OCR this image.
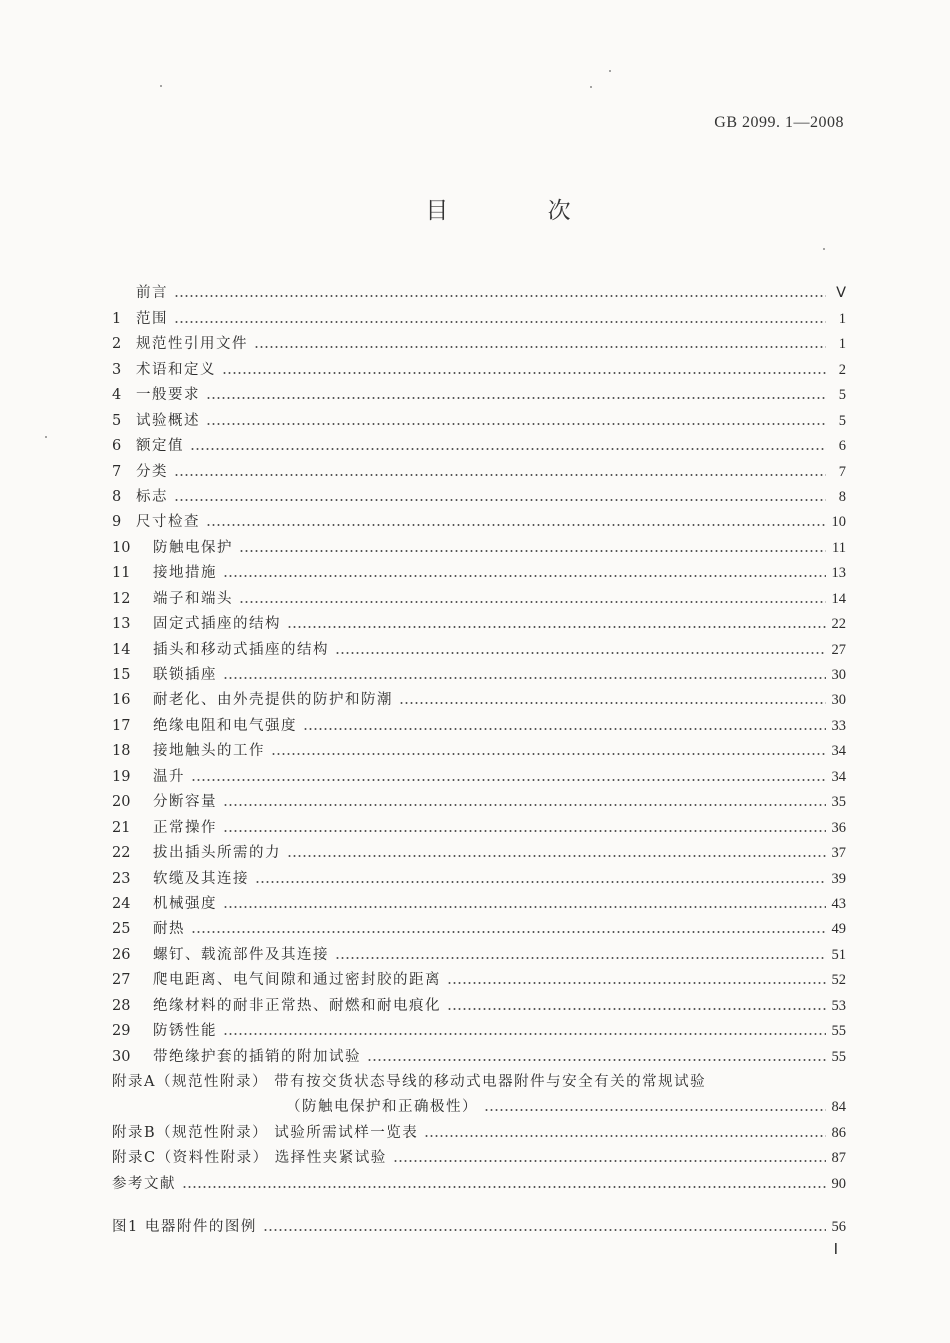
GB 2099. 1—2008
目 次
前言	Ⅴ
1 范围	1
2 规范性引用文件	1
3 术语和定义	2
4 一般要求	5
5 试验概述	5
6 额定值	6
7 分类	7
8 标志	8
9 尺寸检查	10
10 防触电保护	11
11 接地措施	13
12 端子和端头	14
13 固定式插座的结构	22
14 插头和移动式插座的结构	27
15 联锁插座	30
16 耐老化、由外壳提供的防护和防潮	30
17 绝缘电阻和电气强度	33
18 接地触头的工作	34
19 温升	34
20 分断容量	35
21 正常操作	36
22 拔出插头所需的力	37
23 软缆及其连接	39
24 机械强度	43
25 耐热	49
26 螺钉、载流部件及其连接	51
27 爬电距离、电气间隙和通过密封胶的距离	52
28 绝缘材料的耐非正常热、耐燃和耐电痕化	53
29 防锈性能	55
30 带绝缘护套的插销的附加试验	55
附录A（规范性附录） 带有按交货状态导线的移动式电器附件与安全有关的常规试验
（防触电保护和正确极性）	84
附录B（规范性附录） 试验所需试样一览表	86
附录C（资料性附录） 选择性夹紧试验	87
参考文献	90
图1 电器附件的图例	56
Ⅰ
